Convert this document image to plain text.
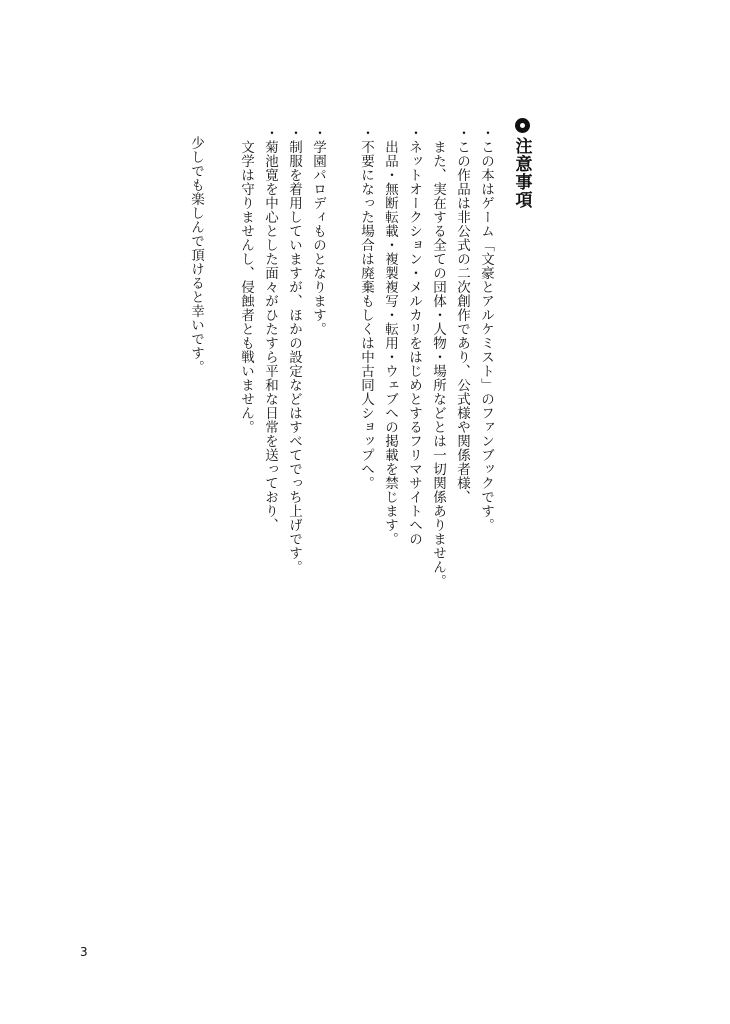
注意事項
・この本はゲーム「文豪とアルケミスト」のファンブックです。
・この作品は非公式の二次創作であり、公式様や関係者様、
　また、実在する全ての団体・人物・場所などとは一切関係ありません。
・ネットオークション・メルカリをはじめとするフリマサイトへの
　出品・無断転載・複製複写・転用・ウェブへの掲載を禁じます。
・不要になった場合は廃棄もしくは中古同人ショップへ。
・学園パロディものとなります。
・制服を着用していますが、ほかの設定などはすべてでっち上げです。
・菊池寛を中心とした面々がひたすら平和な日常を送っており、
　文学は守りませんし、侵蝕者とも戦いません。
少しでも楽しんで頂けると幸いです。
3
